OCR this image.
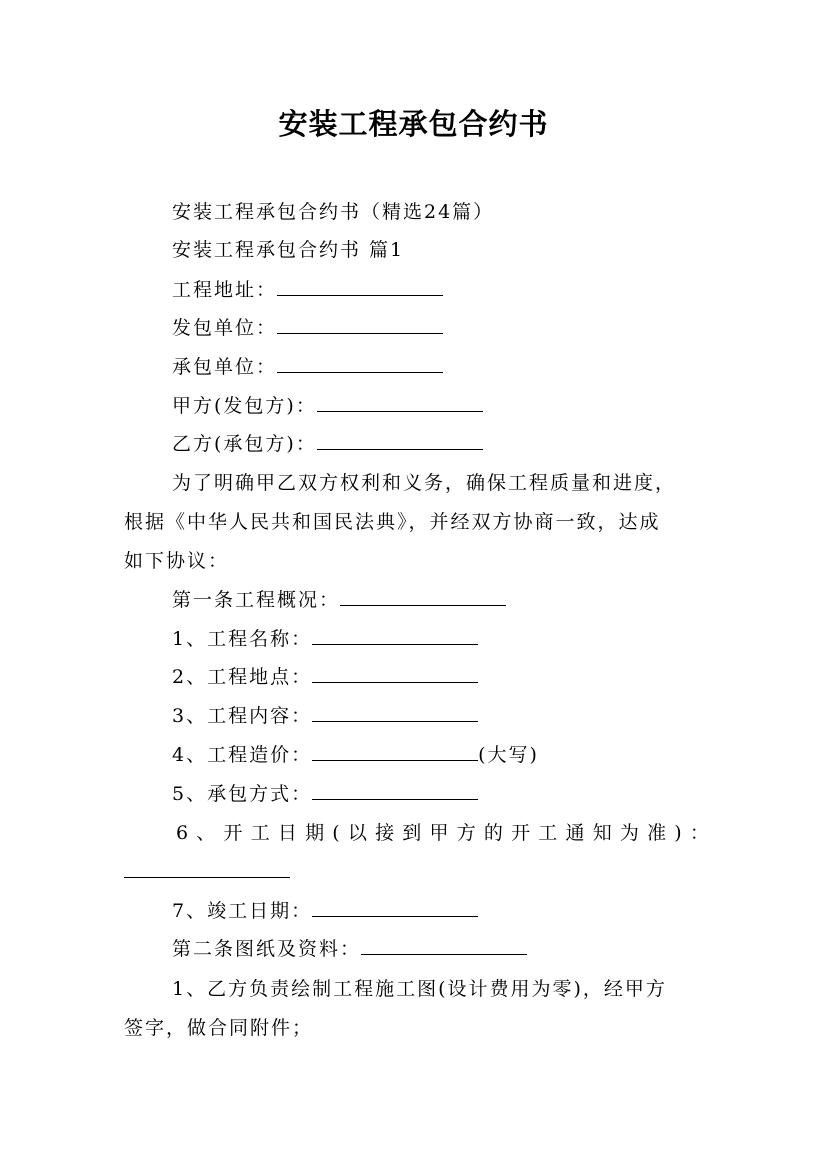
安装工程承包合约书
安装工程承包合约书（精选24篇）
安装工程承包合约书 篇1
工程地址：
发包单位：
承包单位：
甲方(发包方)：
乙方(承包方)：
为了明确甲乙双方权利和义务，确保工程质量和进度，
根据《中华人民共和国民法典》，并经双方协商一致，达成
如下协议：
第一条工程概况：
1、工程名称：
2、工程地点：
3、工程内容：
4、工程造价：	(大写)
5、承包方式：
6、开工日期(以接到甲方的开工通知为准)：
7、竣工日期：
第二条图纸及资料：
1、乙方负责绘制工程施工图(设计费用为零)，经甲方
签字，做合同附件；
